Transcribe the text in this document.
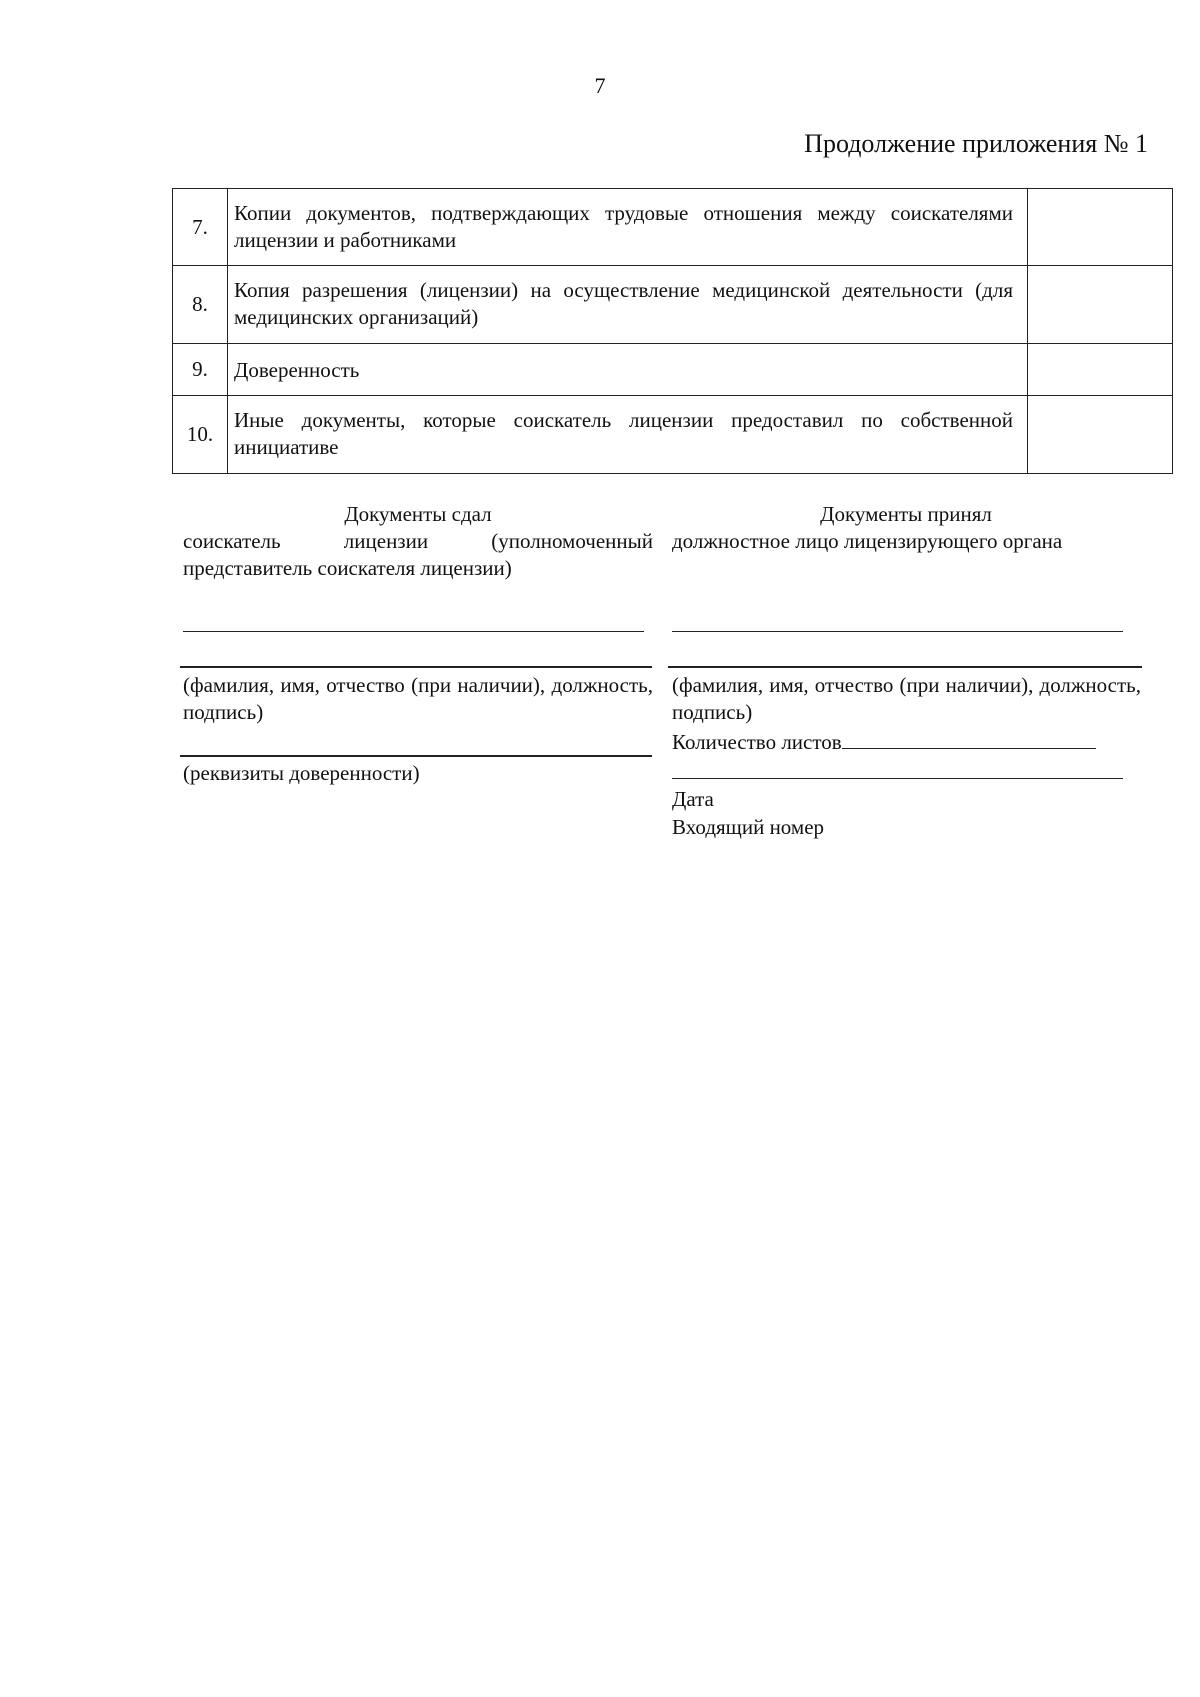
7
Продолжение приложения № 1
7.	Копии документов, подтверждающих трудовые отношения между соискателями лицензии и работниками	
8.	Копия разрешения (лицензии) на осуществление медицинской деятельности (для медицинских организаций)	
9.	Доверенность	
10.	Иные документы, которые соискатель лицензии предоставил по собственной инициативе	
Документы сдал
соискатель лицензии (уполномоченный представитель соискателя лицензии)
Документы принял
должностное лицо лицензирующего органа
(фамилия, имя, отчество (при наличии), должность, подпись)
(фамилия, имя, отчество (при наличии), должность, подпись)
(реквизиты доверенности)
Количество листов
Дата
Входящий номер
